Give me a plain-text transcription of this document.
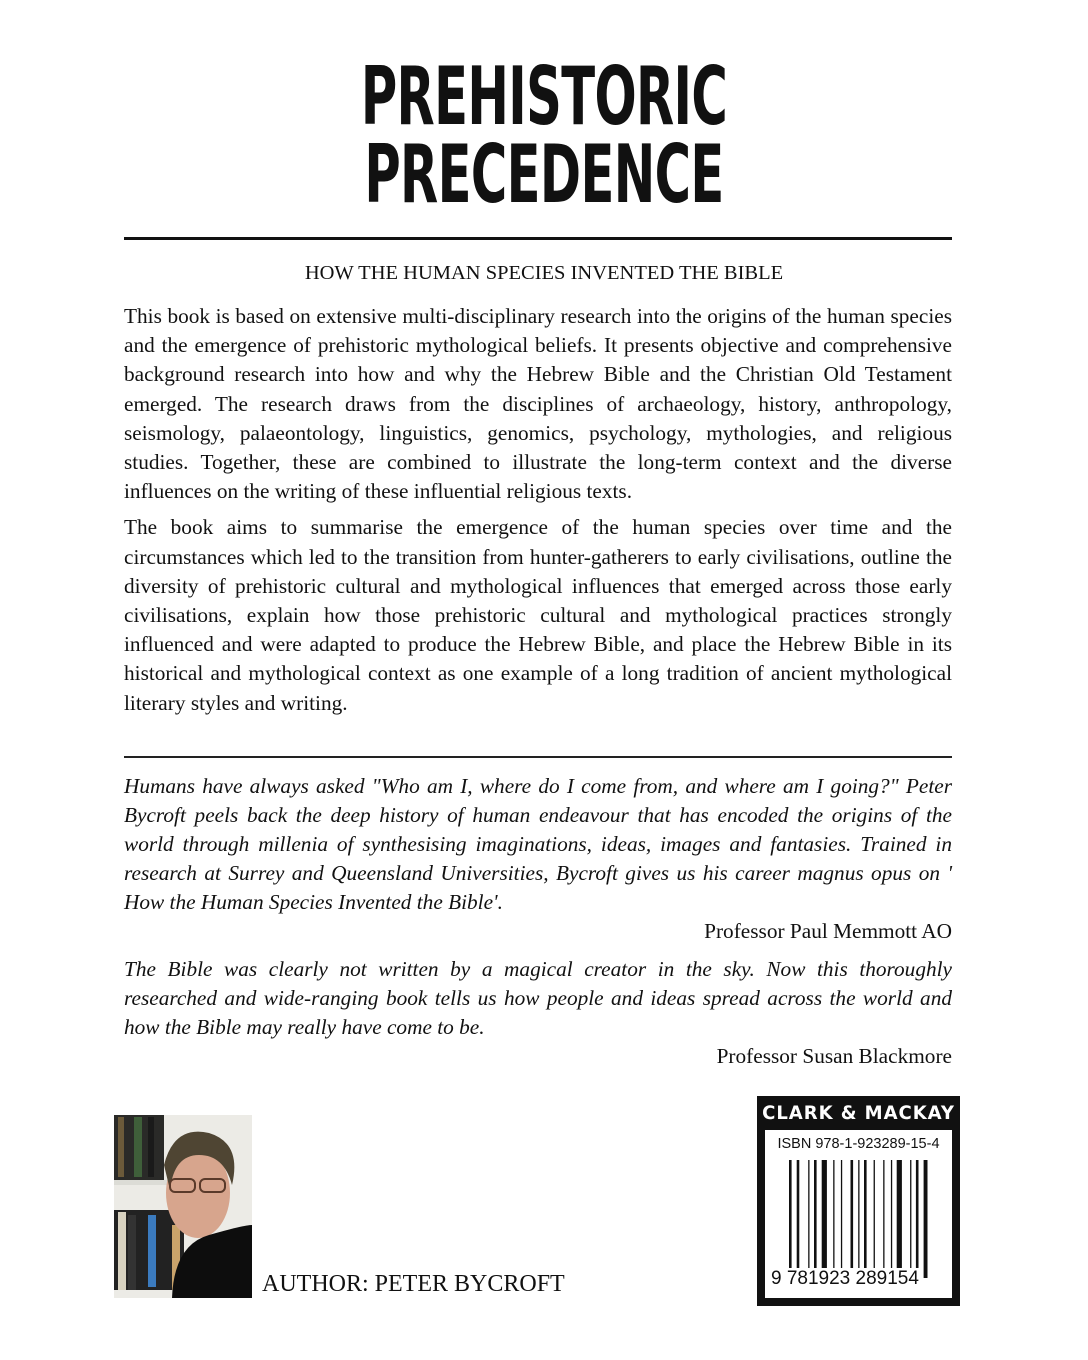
PREHISTORIC
PRECEDENCE
HOW THE HUMAN SPECIES INVENTED THE BIBLE

This book is based on extensive multi-disciplinary research into the origins of the human species and the emergence of prehistoric mythological beliefs. It presents objective and comprehensive background research into how and why the Hebrew Bible and the Christian Old Testament emerged. The research draws from the disciplines of archaeology, history, anthropology, seismology, palaeontology, linguistics, genomics, psychology, mythologies, and religious studies. Together, these are combined to illustrate the long-term context and the diverse influences on the writing of these influential religious texts.

The book aims to summarise the emergence of the human species over time and the circumstances which led to the transition from hunter-gatherers to early civilisations, outline the diversity of prehistoric cultural and mythological influences that emerged across those early civilisations, explain how those prehistoric cultural and mythological practices strongly influenced and were adapted to produce the Hebrew Bible, and place the Hebrew Bible in its historical and mythological context as one example of a long tradition of ancient mythological literary styles and writing.

Humans have always asked "Who am I, where do I come from, and where am I going?" Peter Bycroft peels back the deep history of human endeavour that has encoded the origins of the world through millenia of synthesising imaginations, ideas, images and fantasies. Trained in research at Surrey and Queensland Universities, Bycroft gives us his career magnus opus on ' How the Human Species Invented the Bible'.

Professor Paul Memmott AO

The Bible was clearly not written by a magical creator in the sky. Now this thoroughly researched and wide-ranging book tells us how people and ideas spread across the world and how the Bible may really have come to be.

Professor Susan Blackmore

AUTHOR: PETER BYCROFT
CLARK & MACKAY
ISBN 978-1-923289-15-4
9 781923 289154
